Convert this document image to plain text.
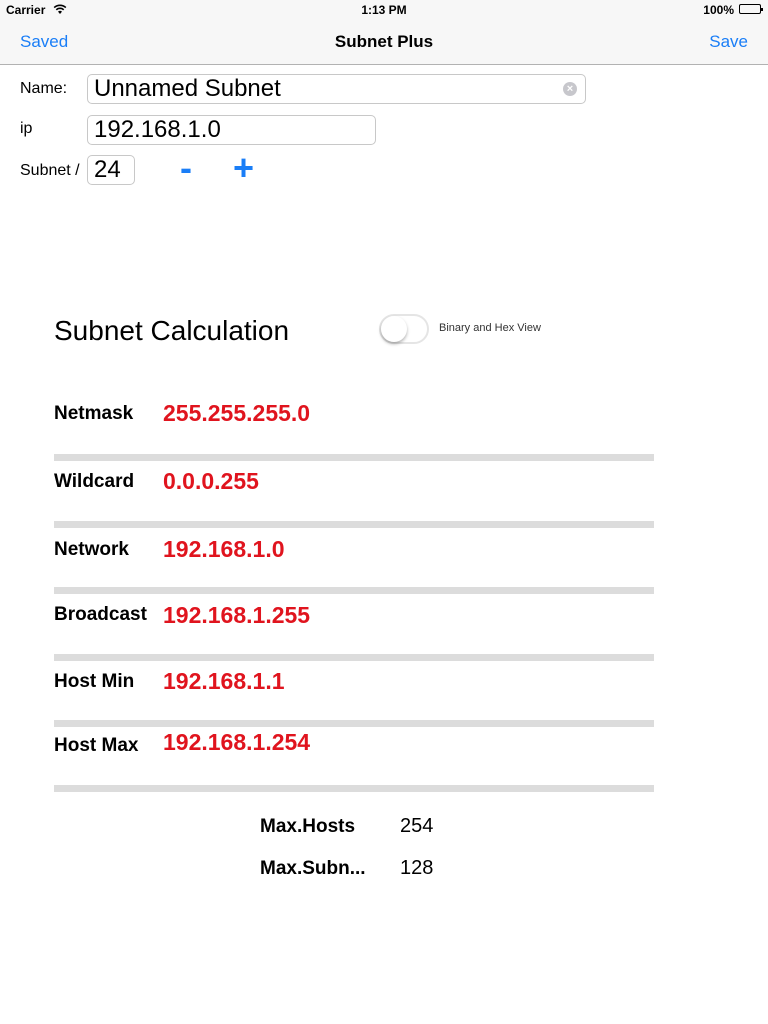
Carrier	1:13 PM	100%
Saved	Subnet Plus	Save
Name: Unnamed Subnet	×
ip	192.168.1.0
Subnet / 24	- +
Subnet Calculation	Binary and Hex View
Netmask 255.255.255.0
Wildcard 0.0.0.255
Network 192.168.1.0
Broadcast 192.168.1.255
Host Min 192.168.1.1
Host Max 192.168.1.254
Max.Hosts 254
Max.Subn... 128
